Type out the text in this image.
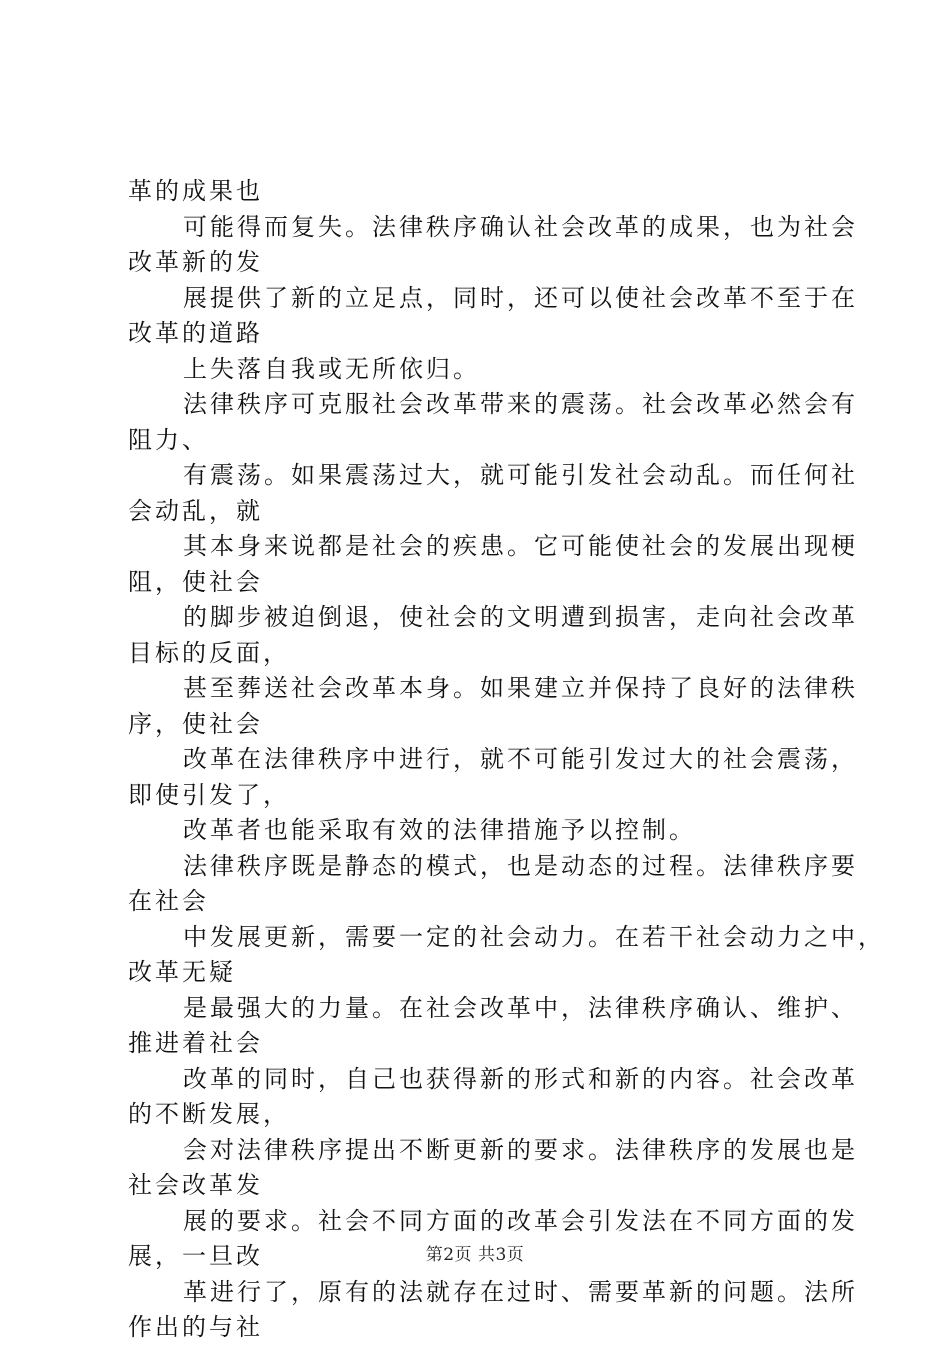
革的成果也
可能得而复失。法律秩序确认社会改革的成果，也为社会
改革新的发
展提供了新的立足点，同时，还可以使社会改革不至于在
改革的道路
上失落自我或无所依归。
法律秩序可克服社会改革带来的震荡。社会改革必然会有
阻力、
有震荡。如果震荡过大，就可能引发社会动乱。而任何社
会动乱，就
其本身来说都是社会的疾患。它可能使社会的发展出现梗
阻，使社会
的脚步被迫倒退，使社会的文明遭到损害，走向社会改革
目标的反面，
甚至葬送社会改革本身。如果建立并保持了良好的法律秩
序，使社会
改革在法律秩序中进行，就不可能引发过大的社会震荡，
即使引发了，
改革者也能采取有效的法律措施予以控制。
法律秩序既是静态的模式，也是动态的过程。法律秩序要
在社会
中发展更新，需要一定的社会动力。在若干社会动力之中，
改革无疑
是最强大的力量。在社会改革中，法律秩序确认、维护、
推进着社会
改革的同时，自己也获得新的形式和新的内容。社会改革
的不断发展，
会对法律秩序提出不断更新的要求。法律秩序的发展也是
社会改革发
展的要求。社会不同方面的改革会引发法在不同方面的发
展，一旦改
革进行了，原有的法就存在过时、需要革新的问题。法所
作出的与社
第2页 共3页
